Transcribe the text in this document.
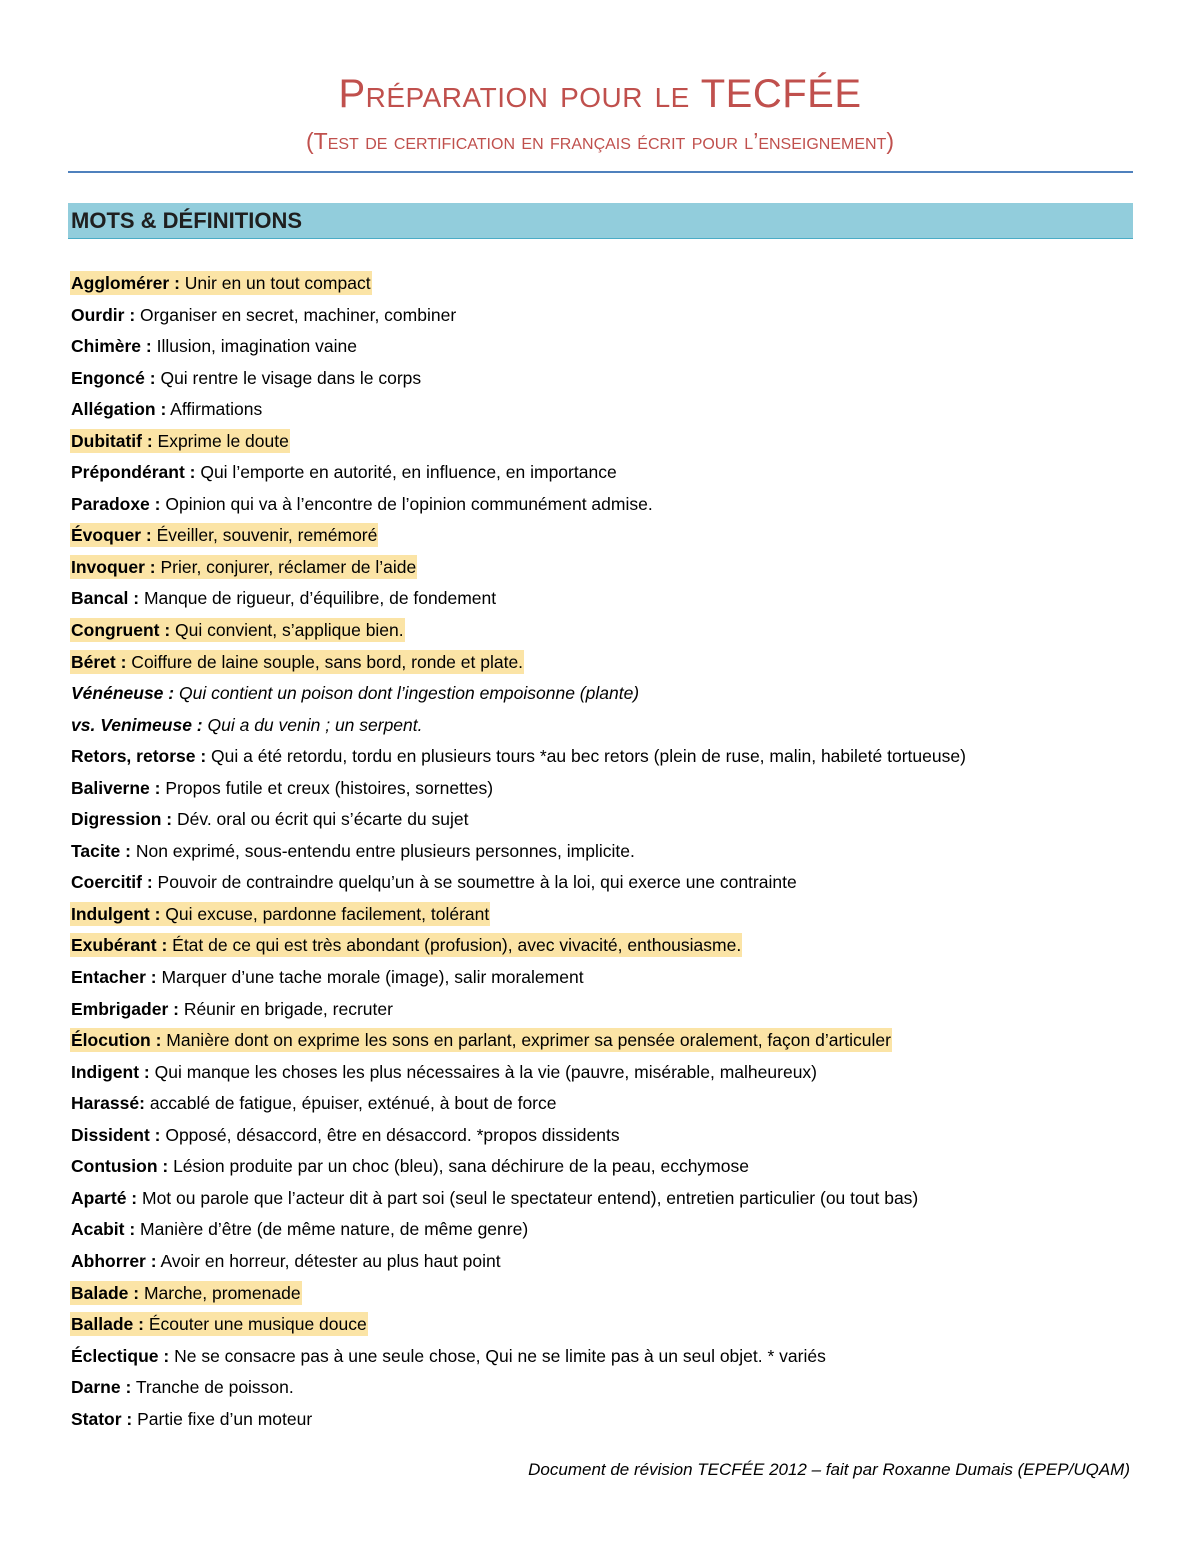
Préparation pour le TECFÉE
(Test de certification en français écrit pour l’enseignement)
MOTS & DÉFINITIONS
Agglomérer : Unir en un tout compact
Ourdir : Organiser en secret, machiner, combiner
Chimère : Illusion, imagination vaine
Engoncé : Qui rentre le visage dans le corps
Allégation : Affirmations
Dubitatif : Exprime le doute
Prépondérant : Qui l’emporte en autorité, en influence, en importance
Paradoxe : Opinion qui va à l’encontre de l’opinion communément admise.
Évoquer : Éveiller, souvenir, remémoré
Invoquer : Prier, conjurer, réclamer de l’aide
Bancal : Manque de rigueur, d’équilibre, de fondement
Congruent : Qui convient, s’applique bien.
Béret : Coiffure de laine souple, sans bord, ronde et plate.
Vénéneuse : Qui contient un poison dont l’ingestion empoisonne (plante)
vs. Venimeuse : Qui a du venin ; un serpent.
Retors, retorse : Qui a été retordu, tordu en plusieurs tours *au bec retors (plein de ruse, malin, habileté tortueuse)
Baliverne : Propos futile et creux (histoires, sornettes)
Digression : Dév. oral ou écrit qui s’écarte du sujet
Tacite : Non exprimé, sous-entendu entre plusieurs personnes, implicite.
Coercitif : Pouvoir de contraindre quelqu’un à se soumettre à la loi, qui exerce une contrainte
Indulgent : Qui excuse, pardonne facilement, tolérant
Exubérant : État de ce qui est très abondant (profusion), avec vivacité, enthousiasme.
Entacher : Marquer d’une tache morale (image), salir moralement
Embrigader : Réunir en brigade, recruter
Élocution : Manière dont on exprime les sons en parlant, exprimer sa pensée oralement, façon d’articuler
Indigent : Qui manque les choses les plus nécessaires à la vie (pauvre, misérable, malheureux)
Harassé: accablé de fatigue, épuiser, exténué, à bout de force
Dissident : Opposé, désaccord, être en désaccord. *propos dissidents
Contusion : Lésion produite par un choc (bleu), sana déchirure de la peau, ecchymose
Aparté : Mot ou parole que l’acteur dit à part soi (seul le spectateur entend), entretien particulier (ou tout bas)
Acabit : Manière d’être (de même nature, de même genre)
Abhorrer : Avoir en horreur, détester au plus haut point
Balade : Marche, promenade
Ballade : Écouter une musique douce
Éclectique : Ne se consacre pas à une seule chose, Qui ne se limite pas à un seul objet. * variés
Darne : Tranche de poisson.
Stator : Partie fixe d’un moteur
Document de révision TECFÉE 2012 – fait par Roxanne Dumais (EPEP/UQAM)
